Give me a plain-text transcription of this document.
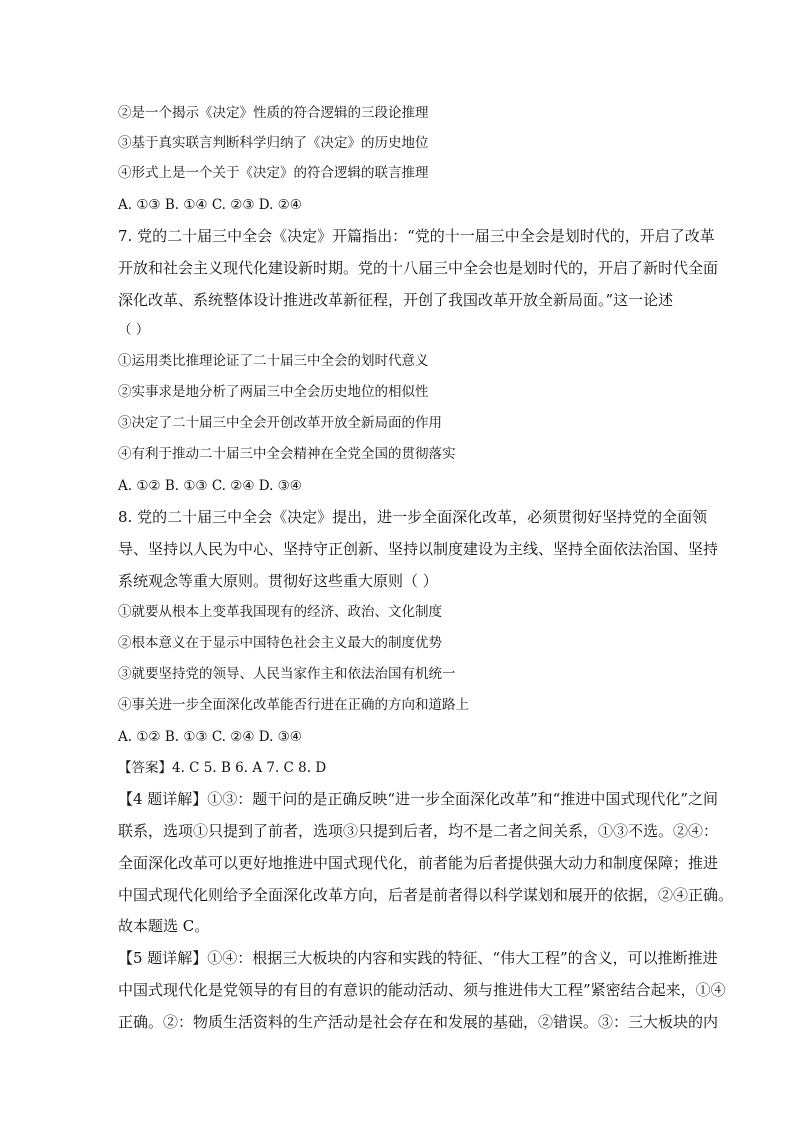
②是一个揭示《决定》性质的符合逻辑的三段论推理
③基于真实联言判断科学归纳了《决定》的历史地位
④形式上是一个关于《决定》的符合逻辑的联言推理
A. ①③ B. ①④ C. ②③ D. ②④
7. 党的二十届三中全会《决定》开篇指出：“党的十一届三中全会是划时代的，开启了改革
开放和社会主义现代化建设新时期。党的十八届三中全会也是划时代的，开启了新时代全面
深化改革、系统整体设计推进改革新征程，开创了我国改革开放全新局面。”这一论述
（ ）
①运用类比推理论证了二十届三中全会的划时代意义
②实事求是地分析了两届三中全会历史地位的相似性
③决定了二十届三中全会开创改革开放全新局面的作用
④有利于推动二十届三中全会精神在全党全国的贯彻落实
A. ①② B. ①③ C. ②④ D. ③④
8. 党的二十届三中全会《决定》提出，进一步全面深化改革，必须贯彻好坚持党的全面领
导、坚持以人民为中心、坚持守正创新、坚持以制度建设为主线、坚持全面依法治国、坚持
系统观念等重大原则。贯彻好这些重大原则（ ）
①就要从根本上变革我国现有的经济、政治、文化制度
②根本意义在于显示中国特色社会主义最大的制度优势
③就要坚持党的领导、人民当家作主和依法治国有机统一
④事关进一步全面深化改革能否行进在正确的方向和道路上
A. ①② B. ①③ C. ②④ D. ③④
【答案】4. C 5. B 6. A 7. C 8. D
【4 题详解】①③：题干问的是正确反映“进一步全面深化改革”和“推进中国式现代化”之间
联系，选项①只提到了前者，选项③只提到后者，均不是二者之间关系，①③不选。②④：
全面深化改革可以更好地推进中国式现代化，前者能为后者提供强大动力和制度保障；推进
中国式现代化则给予全面深化改革方向，后者是前者得以科学谋划和展开的依据，②④正确。
故本题选 C。
【5 题详解】①④：根据三大板块的内容和实践的特征、“伟大工程”的含义，可以推断推进
中国式现代化是党领导的有目的有意识的能动活动、须与推进伟大工程”紧密结合起来，①④
正确。②：物质生活资料的生产活动是社会存在和发展的基础，②错误。③：三大板块的内
